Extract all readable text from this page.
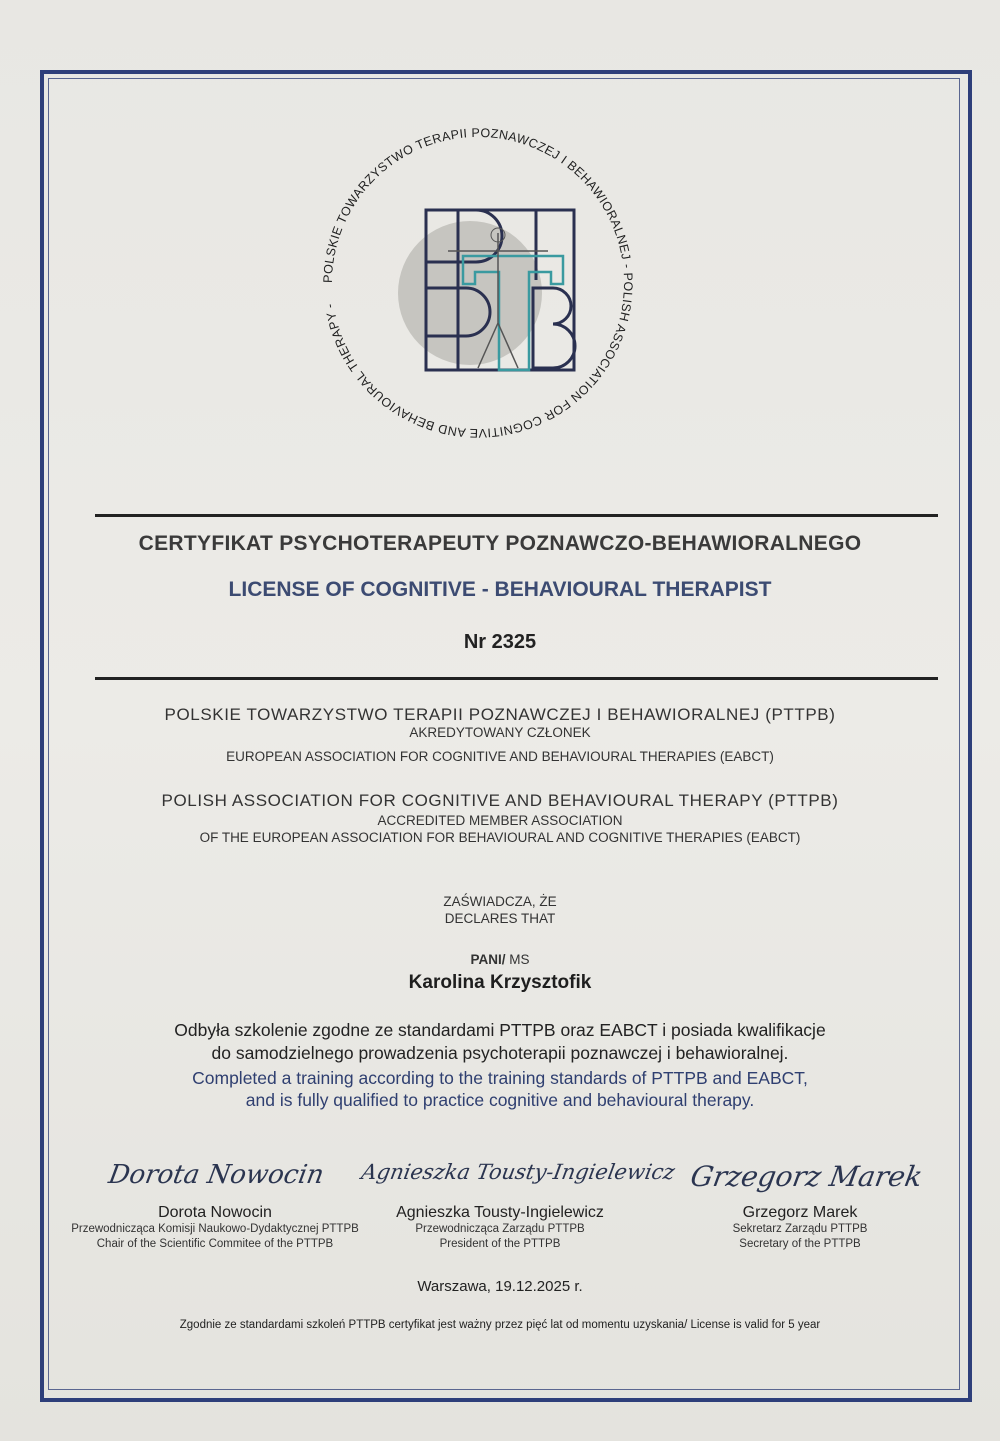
POLSKIE TOWARZYSTWO TERAPII POZNAWCZEJ I BEHAWIORALNEJ - POLISH ASSOCIATION FOR COGNITIVE AND BEHAVIOURAL THERAPY -
CERTYFIKAT PSYCHOTERAPEUTY POZNAWCZO-BEHAWIORALNEGO
LICENSE OF COGNITIVE - BEHAVIOURAL THERAPIST
Nr 2325
POLSKIE TOWARZYSTWO TERAPII POZNAWCZEJ I BEHAWIORALNEJ (PTTPB)
AKREDYTOWANY CZŁONEK
EUROPEAN ASSOCIATION FOR COGNITIVE AND BEHAVIOURAL THERAPIES (EABCT)
POLISH ASSOCIATION FOR COGNITIVE AND BEHAVIOURAL THERAPY (PTTPB)
ACCREDITED MEMBER ASSOCIATION
OF THE EUROPEAN ASSOCIATION FOR BEHAVIOURAL AND COGNITIVE THERAPIES (EABCT)
ZAŚWIADCZA, ŻE
DECLARES THAT
PANI/ MS
Karolina Krzysztofik
Odbyła szkolenie zgodne ze standardami PTTPB oraz EABCT i posiada kwalifikacje
do samodzielnego prowadzenia psychoterapii poznawczej i behawioralnej.
Completed a training according to the training standards of PTTPB and EABCT,
and is fully qualified to practice cognitive and behavioural therapy.
Dorota Nowocin
Dorota Nowocin
Przewodnicząca Komisji Naukowo-Dydaktycznej PTTPB
Chair of the Scientific Commitee of the PTTPB
Agnieszka Tousty-Ingielewicz
Agnieszka Tousty-Ingielewicz
Przewodnicząca Zarządu PTTPB
President of the PTTPB
Grzegorz Marek
Grzegorz Marek
Sekretarz Zarządu PTTPB
Secretary of the PTTPB
Warszawa, 19.12.2025 r.
Zgodnie ze standardami szkoleń PTTPB certyfikat jest ważny przez pięć lat od momentu uzyskania/ License is valid for 5 year
